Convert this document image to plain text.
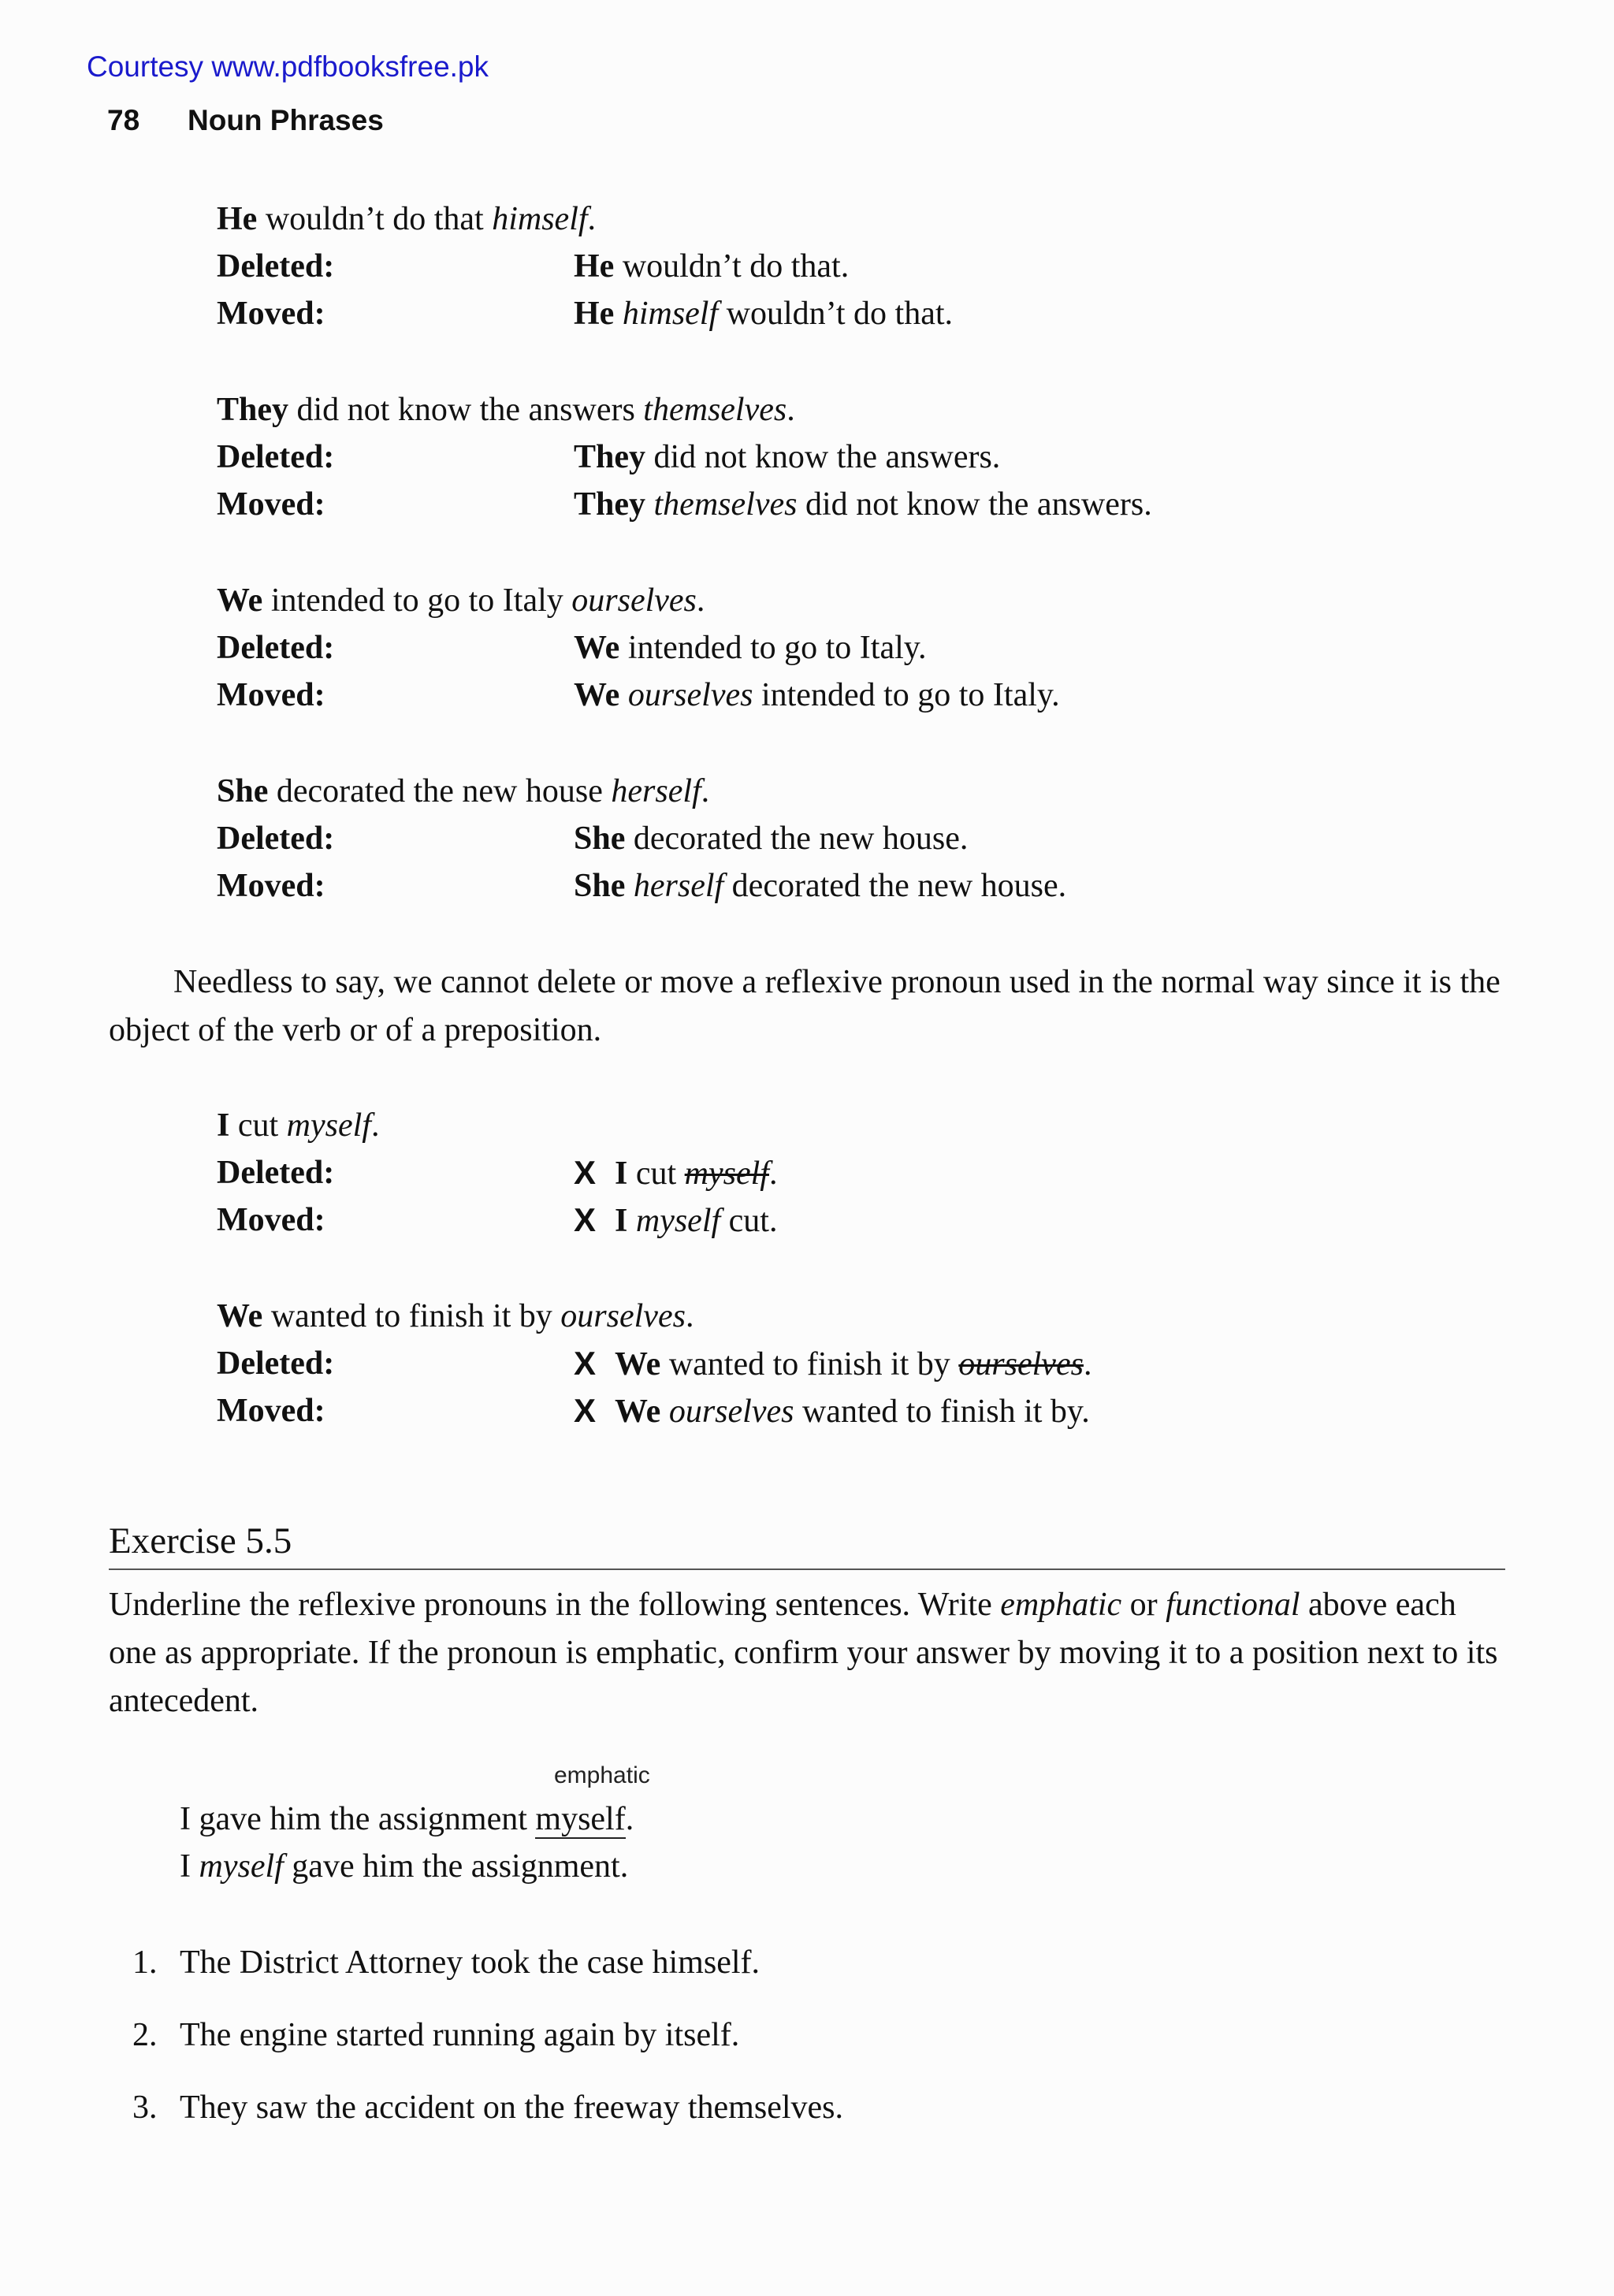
Courtesy www.pdfbooksfree.pk
78 Noun Phrases
He wouldn’t do that himself.
Deleted:	He wouldn’t do that.
Moved:	He himself wouldn’t do that.
They did not know the answers themselves.
Deleted:	They did not know the answers.
Moved:	They themselves did not know the answers.
We intended to go to Italy ourselves.
Deleted:	We intended to go to Italy.
Moved:	We ourselves intended to go to Italy.
She decorated the new house herself.
Deleted:	She decorated the new house.
Moved:	She herself decorated the new house.

Needless to say, we cannot delete or move a reflexive pronoun used in the normal way since it is the object of the verb or of a preposition.

I cut myself.
Deleted:	X I cut myself.
Moved:	X I myself cut.
We wanted to finish it by ourselves.
Deleted:	X We wanted to finish it by ourselves.
Moved:	X We ourselves wanted to finish it by.
Exercise 5.5

Underline the reflexive pronouns in the following sentences. Write emphatic or functional above each one as appropriate. If the pronoun is emphatic, confirm your answer by moving it to a position next to its antecedent.

emphatic
I gave him the assignment myself.
I myself gave him the assignment.
1. The District Attorney took the case himself.
2. The engine started running again by itself.
3. They saw the accident on the freeway themselves.
